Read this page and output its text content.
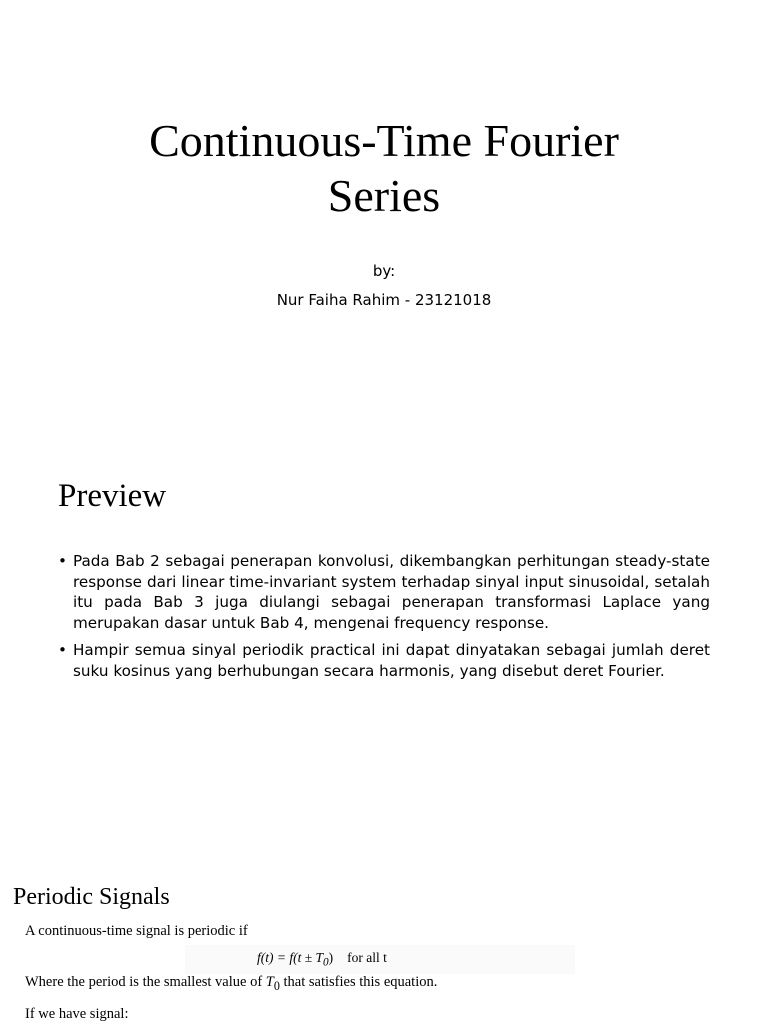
Continuous-Time Fourier
Series

by:

Nur Faiha Rahim - 23121018

Preview
• Pada Bab 2 sebagai penerapan konvolusi, dikembangkan perhitungan steady-state response dari linear time-invariant system terhadap sinyal input sinusoidal, setalah itu pada Bab 3 juga diulangi sebagai penerapan transformasi Laplace yang merupakan dasar untuk Bab 4, mengenai frequency response.
• Hampir semua sinyal periodik practical ini dapat dinyatakan sebagai jumlah deret suku kosinus yang berhubungan secara harmonis, yang disebut deret Fourier.
Periodic Signals

A continuous-time signal is periodic if

$f(t) = f(t \pm T_0)$ for all t

Where the period is the smallest value of $T_0$ that satisfies this equation.

If we have signal:
